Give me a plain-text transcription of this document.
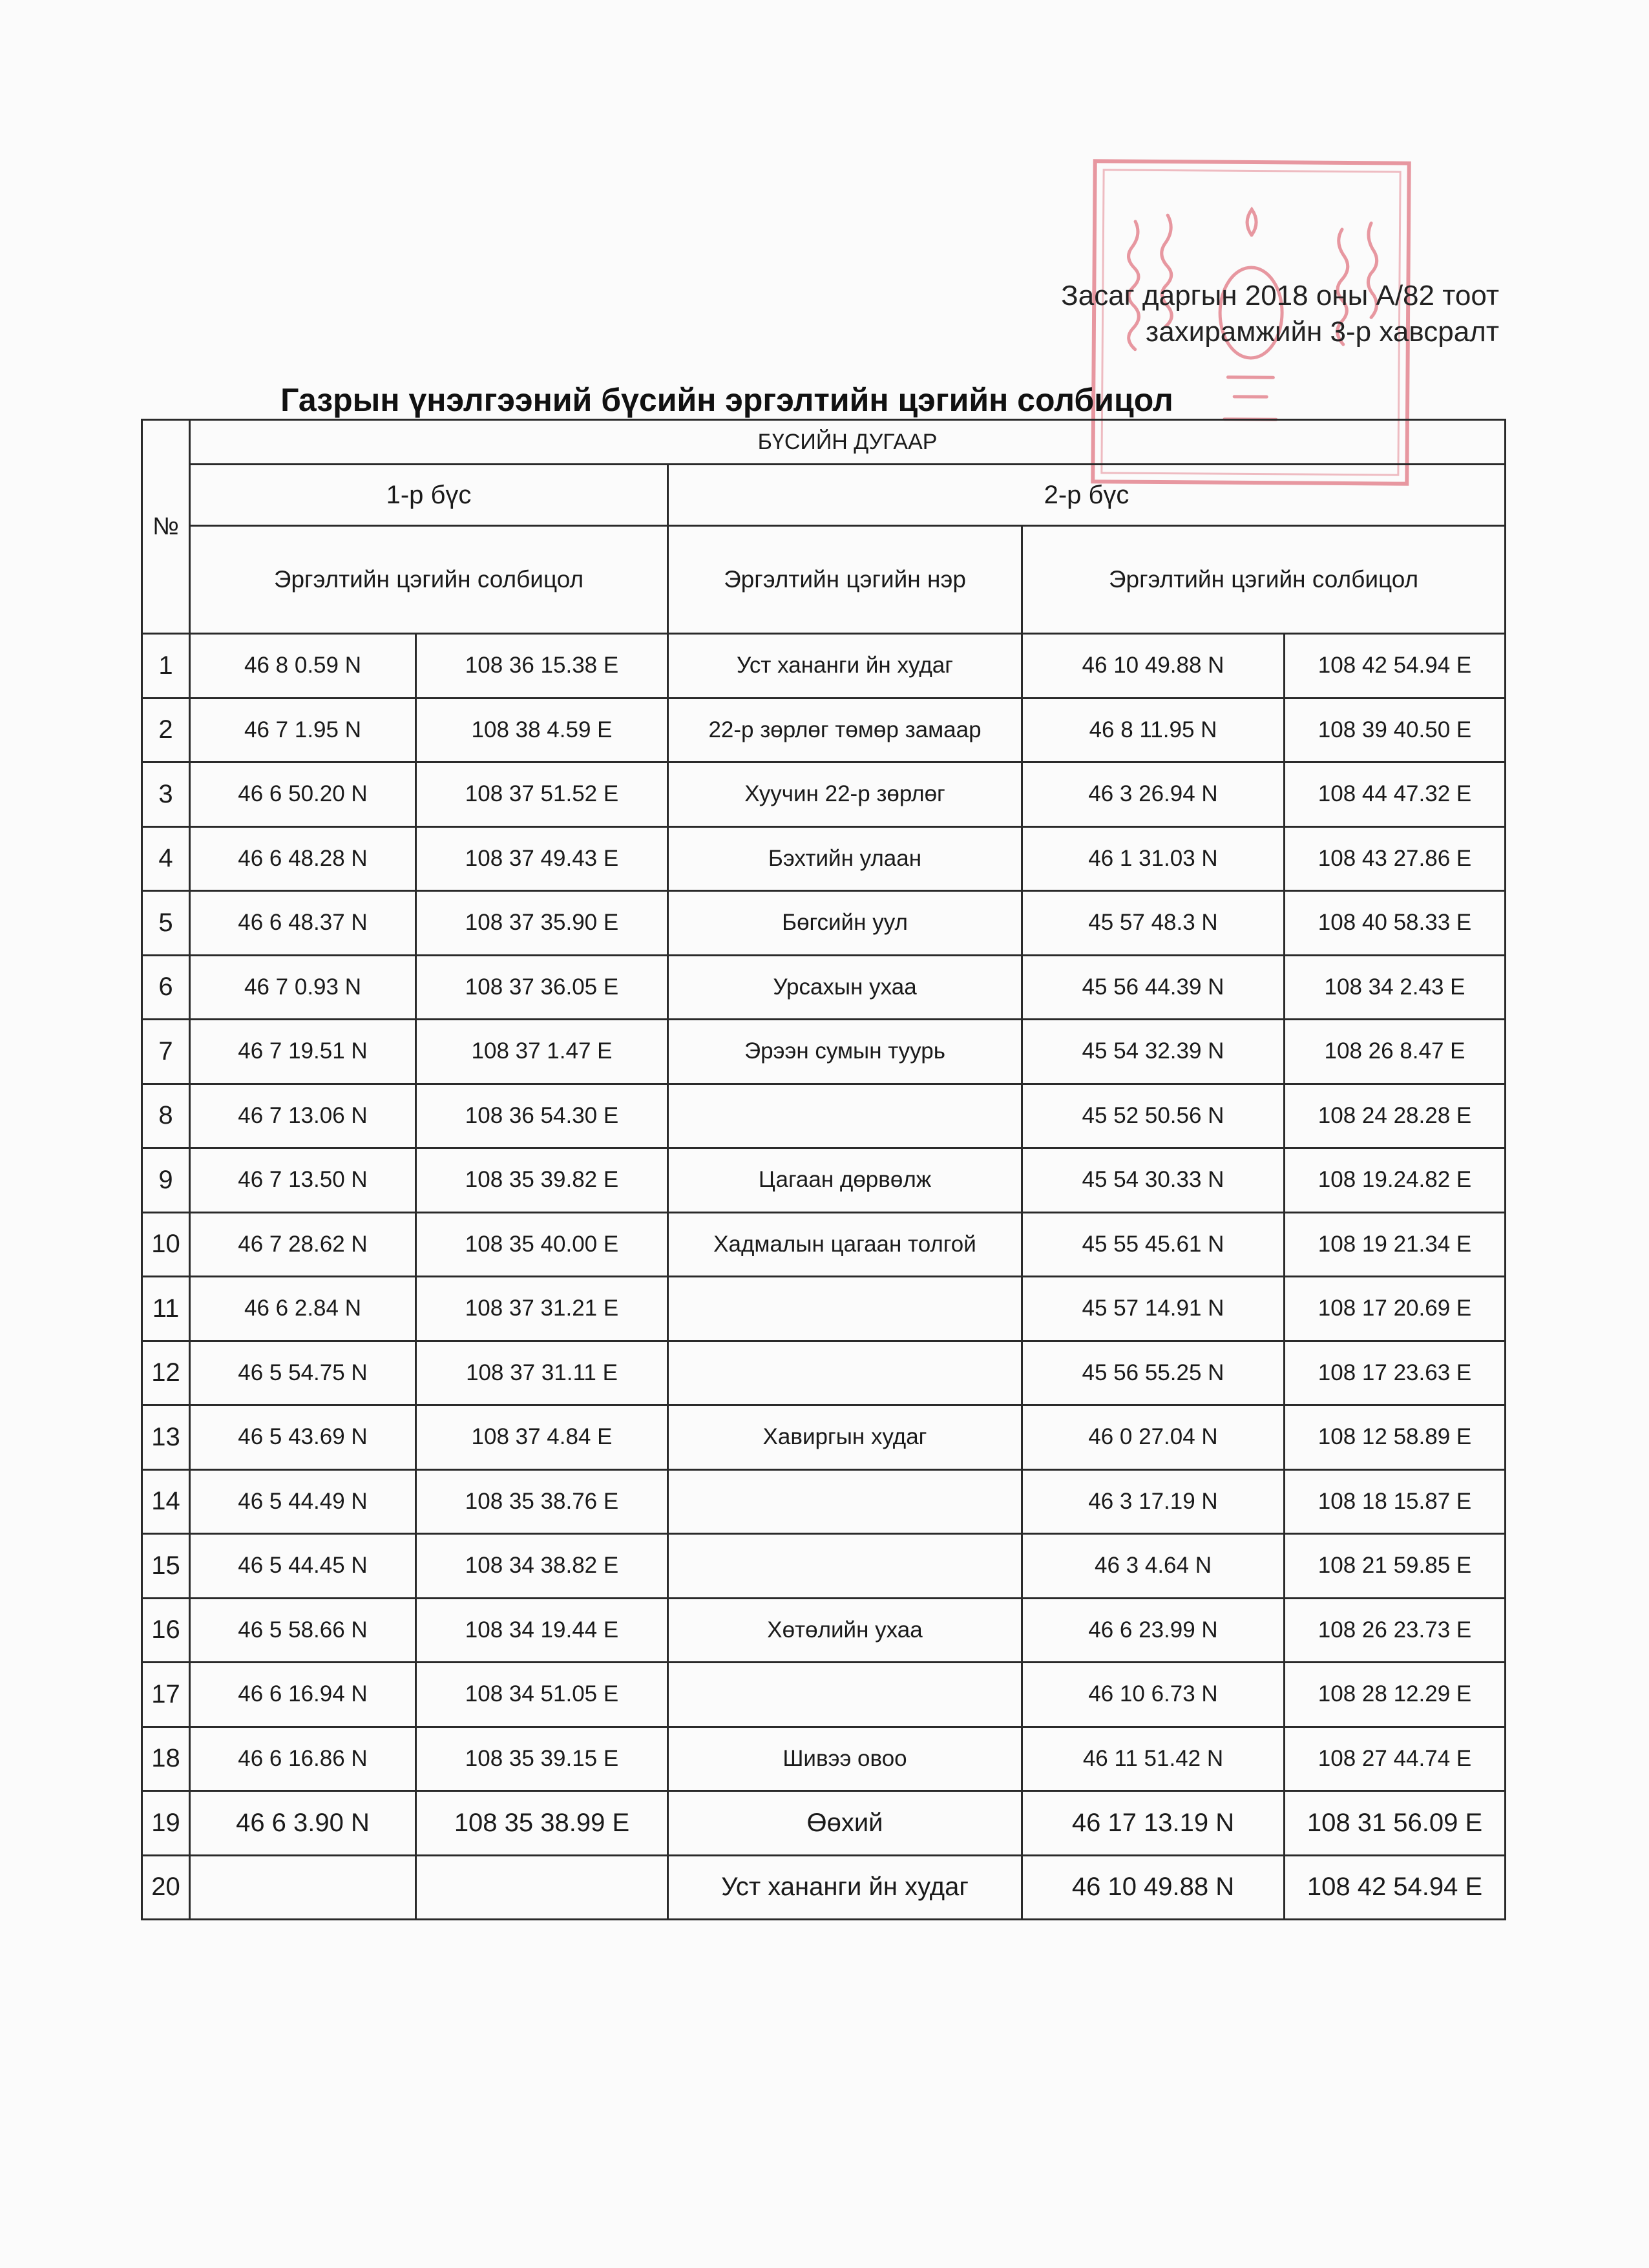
Засаг даргын 2018 оны А/82 тоот
захирамжийн 3-р хавсралт
Газрын үнэлгээний бүсийн эргэлтийн цэгийн солбицол
№	БҮСИЙН ДУГААР				
	1-р бүс		2-р бүс		
	Эргэлтийн цэгийн солбицол		Эргэлтийн цэгийн нэр	Эргэлтийн цэгийн солбицол	
1	46 8 0.59 N	108 36 15.38 E	Уст хананги йн худаг	46 10 49.88 N	108 42 54.94 E
2	46 7 1.95 N	108 38 4.59 E	22-р зөрлөг төмөр замаар	46 8 11.95 N	108 39 40.50 E
3	46 6 50.20 N	108 37 51.52 E	Хуучин 22-р зөрлөг	46 3 26.94 N	108 44 47.32 E
4	46 6 48.28 N	108 37 49.43 E	Бэхтийн улаан	46 1 31.03 N	108 43 27.86 E
5	46 6 48.37 N	108 37 35.90 E	Бөгсийн уул	45 57 48.3 N	108 40 58.33 E
6	46 7 0.93 N	108 37 36.05 E	Урсахын ухаа	45 56 44.39 N	108 34 2.43 E
7	46 7 19.51 N	108 37 1.47 E	Эрээн сумын туурь	45 54 32.39 N	108 26 8.47 E
8	46 7 13.06 N	108 36 54.30 E		45 52 50.56 N	108 24 28.28 E
9	46 7 13.50 N	108 35 39.82 E	Цагаан дөрвөлж	45 54 30.33 N	108 19.24.82 E
10	46 7 28.62 N	108 35 40.00 E	Хадмалын цагаан толгой	45 55 45.61 N	108 19 21.34 E
11	46 6 2.84 N	108 37 31.21 E		45 57 14.91 N	108 17 20.69 E
12	46 5 54.75 N	108 37 31.11 E		45 56 55.25 N	108 17 23.63 E
13	46 5 43.69 N	108 37 4.84 E	Хавиргын худаг	46 0 27.04 N	108 12 58.89 E
14	46 5 44.49 N	108 35 38.76 E		46 3 17.19 N	108 18 15.87 E
15	46 5 44.45 N	108 34 38.82 E		46 3 4.64 N	108 21 59.85 E
16	46 5 58.66 N	108 34 19.44 E	Хөтөлийн ухаа	46 6 23.99 N	108 26 23.73 E
17	46 6 16.94 N	108 34 51.05 E		46 10 6.73 N	108 28 12.29 E
18	46 6 16.86 N	108 35 39.15 E	Шивээ овоо	46 11 51.42 N	108 27 44.74 E
19	46 6 3.90 N	108 35 38.99 E	Өөхий	46 17 13.19 N	108 31 56.09 E
20			Уст хананги йн худаг	46 10 49.88 N	108 42 54.94 E
